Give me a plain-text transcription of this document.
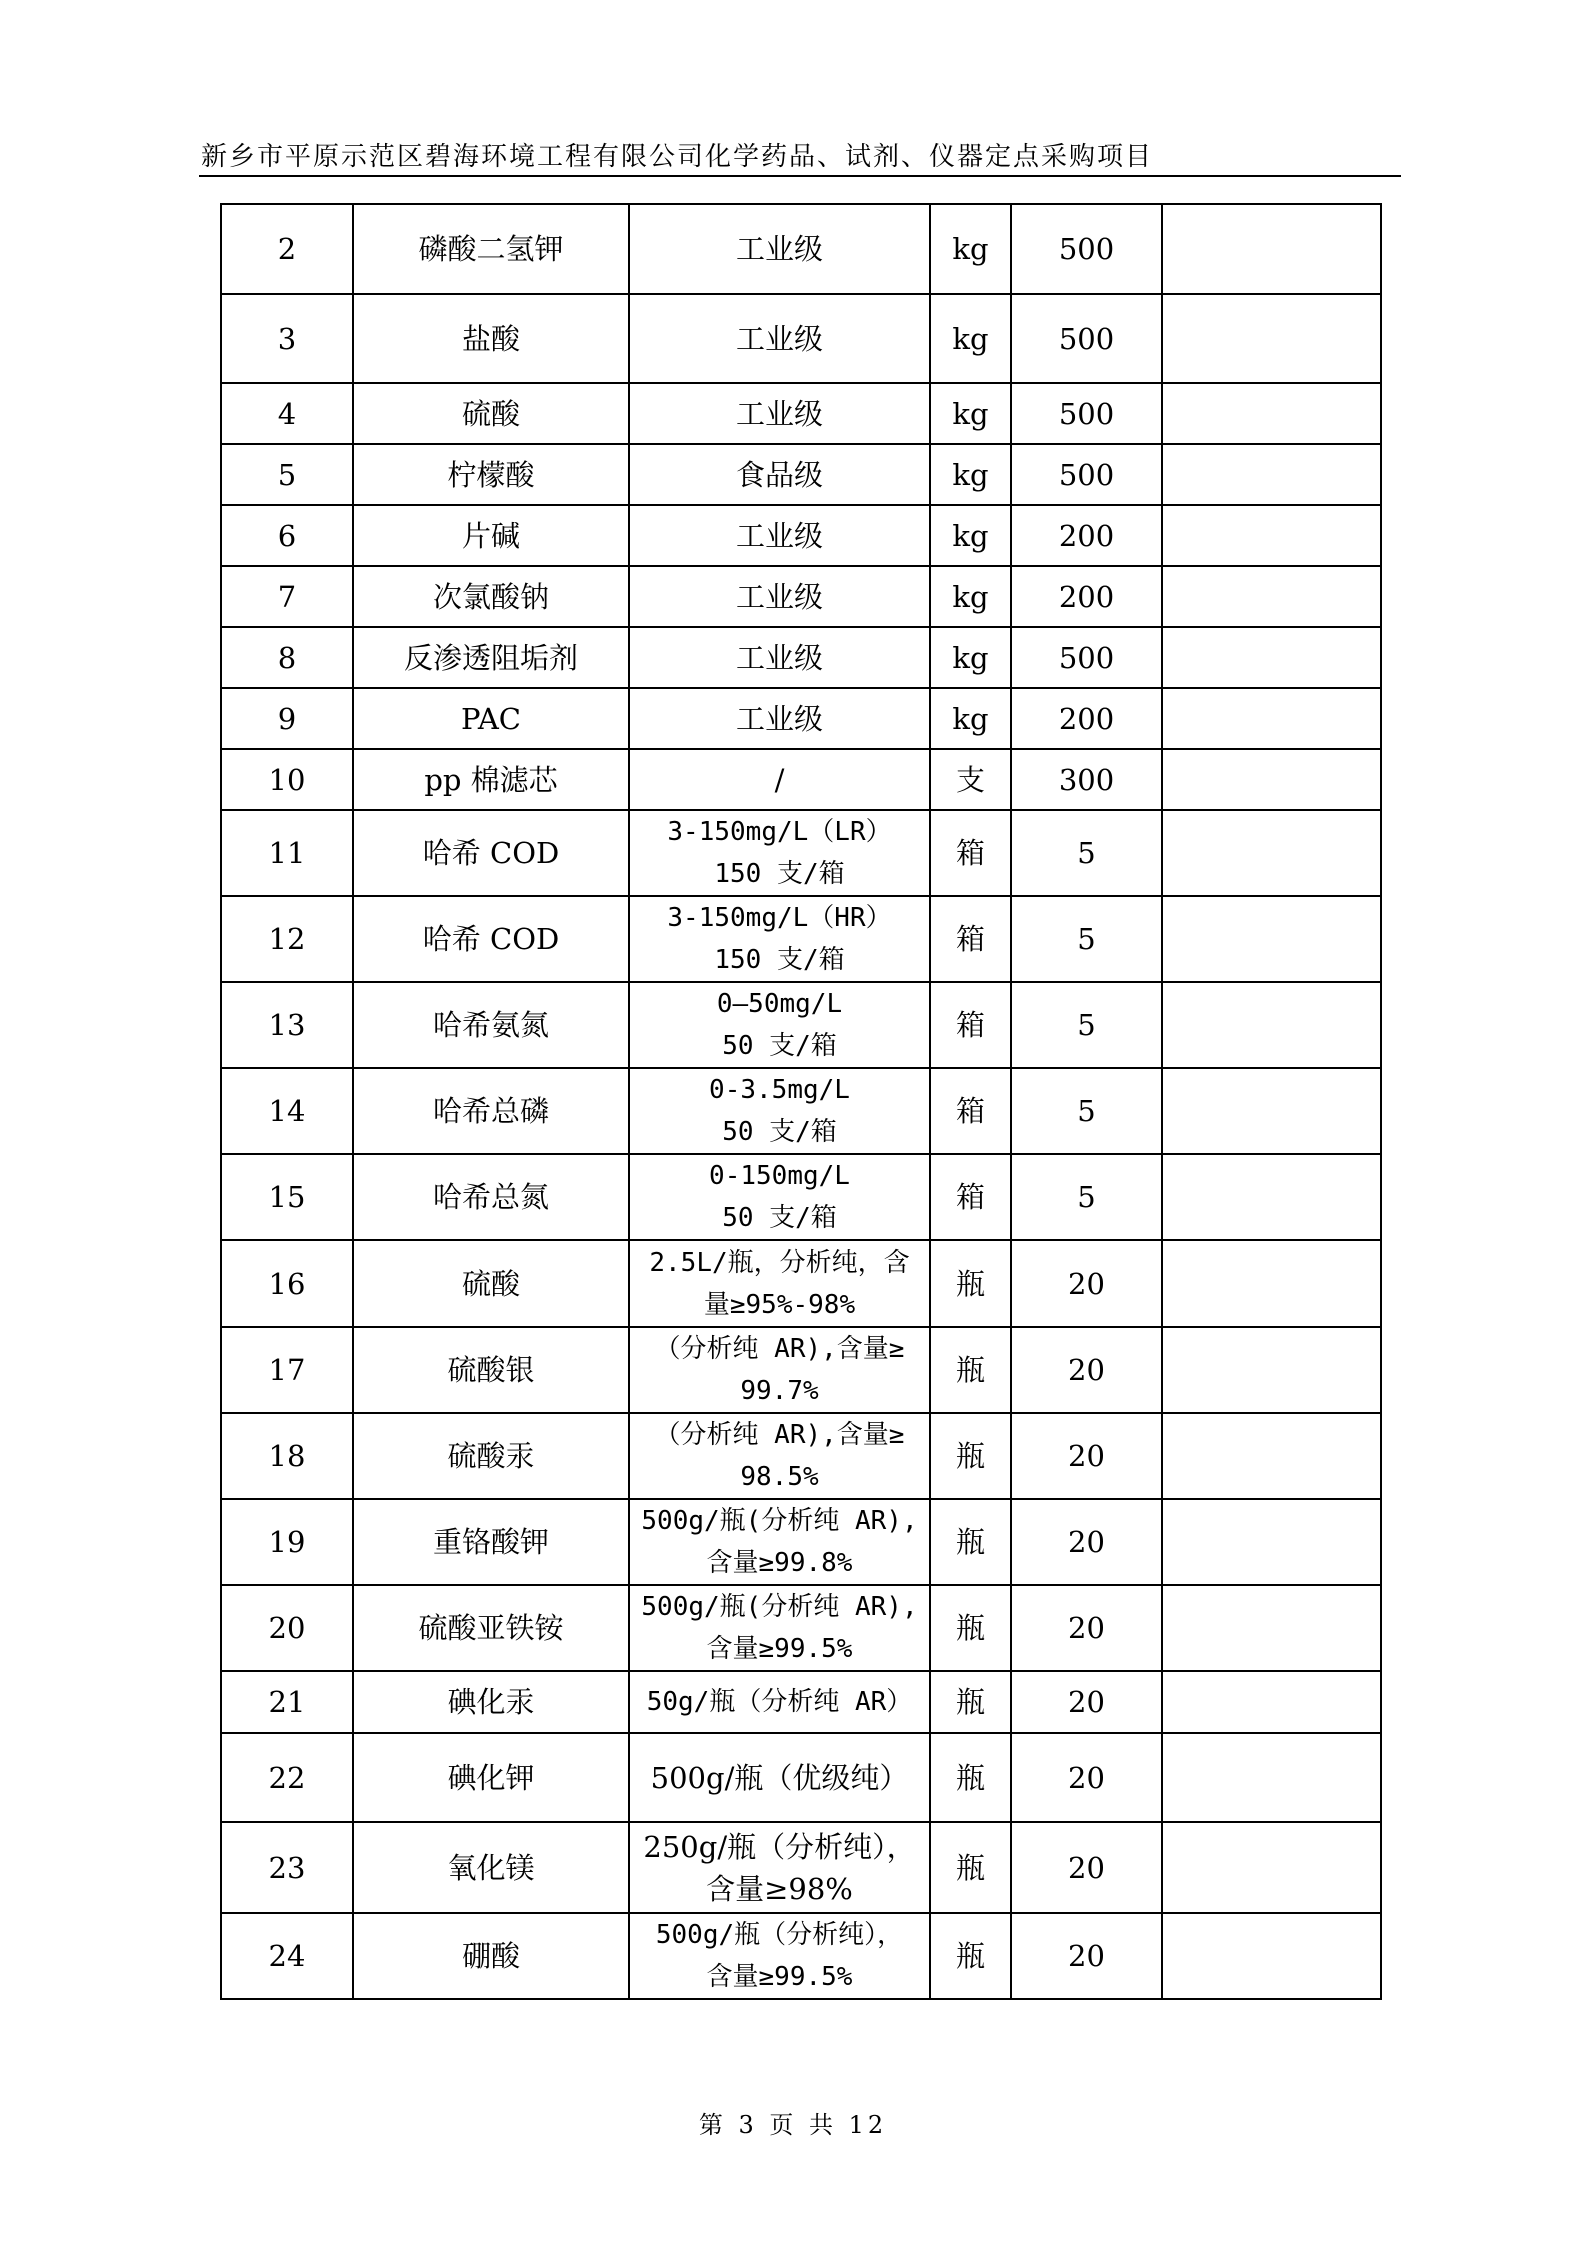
新乡市平原示范区碧海环境工程有限公司化学药品、试剂、仪器定点采购项目
2	磷酸二氢钾	工业级	kg	500	
3	盐酸	工业级	kg	500	
4	硫酸	工业级	kg	500	
5	柠檬酸	食品级	kg	500	
6	片碱	工业级	kg	200	
7	次氯酸钠	工业级	kg	200	
8	反渗透阻垢剂	工业级	kg	500	
9	PAC	工业级	kg	200	
10	pp 棉滤芯	/	支	300	
11	哈希 COD	3-150mg/L（LR）
150 支/箱	箱	5	
12	哈希 COD	3-150mg/L（HR）
150 支/箱	箱	5	
13	哈希氨氮	0—50mg/L
50 支/箱	箱	5	
14	哈希总磷	0-3.5mg/L
50 支/箱	箱	5	
15	哈希总氮	0-150mg/L
50 支/箱	箱	5	
16	硫酸	2.5L/瓶，分析纯，含
量≥95%-98%	瓶	20	
17	硫酸银	（分析纯 AR),含量≥
99.7%	瓶	20	
18	硫酸汞	（分析纯 AR),含量≥
98.5%	瓶	20	
19	重铬酸钾	500g/瓶(分析纯 AR),
含量≥99.8%	瓶	20	
20	硫酸亚铁铵	500g/瓶(分析纯 AR),
含量≥99.5%	瓶	20	
21	碘化汞	50g/瓶（分析纯 AR）	瓶	20	
22	碘化钾	500g/瓶（优级纯）	瓶	20	
23	氧化镁	250g/瓶（分析纯），
含量≥98%	瓶	20	
24	硼酸	500g/瓶（分析纯），
含量≥99.5%	瓶	20	
第 3 页 共 12
